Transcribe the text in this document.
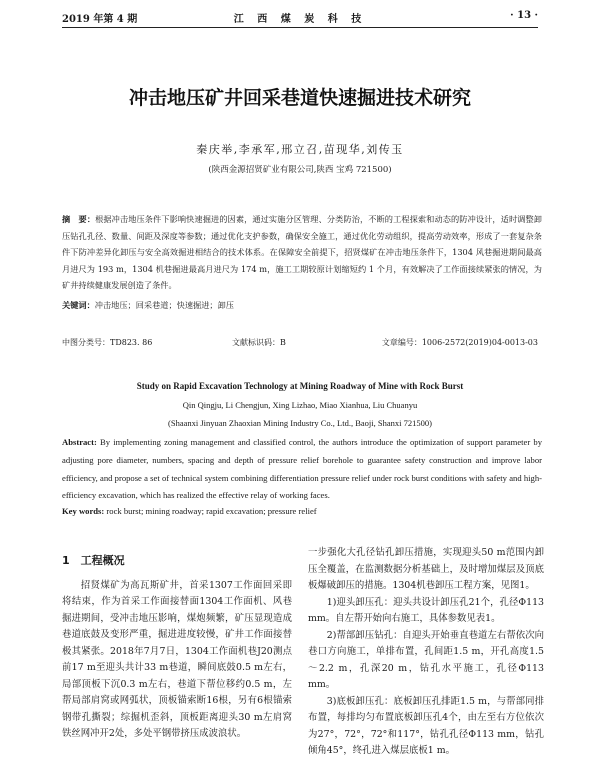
2019 年第 4 期	江 西 煤 炭 科 技	· 13 ·
冲击地压矿井回采巷道快速掘进技术研究
秦庆举,李承军,邢立召,苗现华,刘传玉
(陕西金源招贤矿业有限公司,陕西 宝鸡 721500)
摘　要：根据冲击地压条件下影响快速掘进的因素，通过实施分区管理、分类防治，不断的工程探索和动态的防冲设计，适时调整卸压钻孔孔径、数量、间距及深度等参数；通过优化支护参数，确保安全施工，通过优化劳动组织，提高劳动效率，形成了一套复杂条件下防冲差异化卸压与安全高效掘进相结合的技术体系。在保障安全前提下，招贤煤矿在冲击地压条件下，1304 风巷掘进期间最高月进尺为 193 m，1304 机巷掘进最高月进尺为 174 m，施工工期较原计划缩短约 1 个月，有效解决了工作面接续紧张的情况，为矿井持续健康发展创造了条件。
关键词：冲击地压；回采巷道；快速掘进；卸压
中图分类号：TD823. 86	文献标识码：B	文章编号：1006-2572(2019)04-0013-03
Study on Rapid Excavation Technology at Mining Roadway of Mine with Rock Burst
Qin Qingju, Li Chengjun, Xing Lizhao, Miao Xianhua, Liu Chuanyu
(Shaanxi Jinyuan Zhaoxian Mining Industry Co., Ltd., Baoji, Shanxi 721500)
Abstract: By implementing zoning management and classified control, the authors introduce the optimization of support parameter by adjusting pore diameter, numbers, spacing and depth of pressure relief borehole to guarantee safety construction and improve labor efficiency, and propose a set of technical system combining differentiation pressure relief under rock burst conditions with safety and high-efficiency excavation, which has realized the effective relay of working faces.
Key words: rock burst; mining roadway; rapid excavation; pressure relief
1　工程概况

招贤煤矿为高瓦斯矿井，首采1307工作面回采即将结束，作为首采工作面接替面1304工作面机、风巷掘进期间，受冲击地压影响，煤炮频繁，矿压显现造成巷道底鼓及变形严重，掘进进度较慢，矿井工作面接替极其紧张。2018年7月7日，1304工作面机巷J20测点前17 m至迎头共计33 m巷道，瞬间底鼓0.5 m左右，局部顶板下沉0.3 m左右，巷道下帮位移约0.5 m，左帮局部肩窝或网弧状，顶板锚索断16根，另有6根锚索钢带孔撕裂；综掘机歪斜，顶板距离迎头30 m左肩窝铁丝网冲开2处，多处平钢带挤压成波浪状。

一步强化大孔径钻孔卸压措施，实现迎头50 m范围内卸压全覆盖，在监测数据分析基础上，及时增加煤层及顶底板爆破卸压的措施。1304机巷卸压工程方案，见图1。

1)迎头卸压孔：迎头共设计卸压孔21个，孔径Φ113 mm。自左帮开始向右施工，具体参数见表1。

2)帮部卸压钻孔：自迎头开始垂直巷道左右帮依次向巷口方向施工，单排布置，孔间距1.5 m，开孔高度1.5～2.2 m，孔深20 m，钻孔水平施工，孔径Φ113 mm。

3)底板卸压孔：底板卸压孔排距1.5 m，与帮部同排布置，每排均匀布置底板卸压孔4个，由左至右方位依次为27°，72°，72°和117°，钻孔孔径Φ113 mm，钻孔倾角45°，终孔进入煤层底板1 m。
